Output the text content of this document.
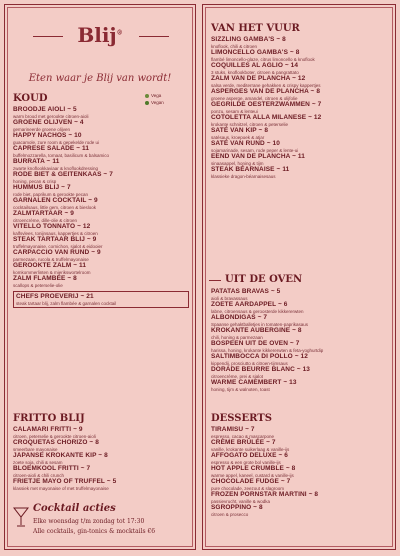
Blij®
Eten waar je Blij van wordt!
KOUD	Vega
Vegan
BROODJE AIOLI ~ 5
warm brood met gerookte citroen-aioli
GROENE OLIJVEN ~ 4
gemarineerde groene olijven
HAPPY NACHOS ~ 10
guacamole, zure room & gepekelde rode ui
CAPRESE SALADE ~ 11
buffelmozzarella, tomaat, basilicum & balsamico
BURRATA ~ 11
zwarte knoflookkaviaar & knoflookdressing
RODE BIET & GEITENKAAS ~ 7
honing, pecan & crisp
HUMMUS BLIJ ~ 7
rode biet, paprikum & gerookte pecan
GARNALEN COCKTAIL ~ 9
cocktailsaus, little gem, citroen & bieslook
ZALMTARTAAR ~ 9
citroencrème, dille-olie & citroen
VITELLO TONNATO ~ 12
kalfsvlees, tonijnsaus, kappertjes & citroen
STEAK TARTAAR BLIJ ~ 9
truffelmayonaise, cornichon, sjalot & eidooier
CARPACCIO VAN RUND ~ 9
parmezaan, rucola & truffelmayonaise
GEROOKTE ZALM ~ 11
komkommerlinten & mierikswortelroom
ZALM FLAMBÉE ~ 8
scallops & peterselie-olie
CHEFS PROEVERIJ ~ 21
steak tartaar blij, zalm flambée & garnalen cocktail
FRITTO BLIJ
CALAMARI FRITTI ~ 9
citroen, peterselie & gerookte citroen-aioli
CROQUETAS CHORIZO ~ 8
smeerbare mayonaise
JAPANSE KROKANTE KIP ~ 8
zoete soja, chili & sesam
BLOEMKOOL FRITTI ~ 7
citroen-aioli & chili crunch
FRIETJE MAYO OF TRUFFEL ~ 5
klassiek met mayonaise of met truffelmayonaise
Cocktail acties
Elke woensdag t/m zondag tot 17:30
Alle cocktails, gin-tonics & mocktails €6
VAN HET VUUR
SIZZLING GAMBA'S ~ 8
knoflook, chili & citroen
LIMONCELLO GAMBA'S ~ 8
flambé limoncello-glaze, citrus limoncello & knoflook
COQUILLES AL AGLIO ~ 14
3 stuks, knoflookboter, citroen & pangrattato
ZALM VAN DE PLANCHA ~ 12
salsa verde, mediterrane gehakken & crispy kappertjes
ASPERGES VAN DE PLANCHA ~ 8
groene asperge, amandel, citroen & olijfolie
GEGRILDE OESTERZWAMMEN ~ 7
ponzu, sesam & lenteui
COTOLETTA ALLA MILANESE ~ 12
krokante schnitzel, citroen & peterselie
SATÉ VAN KIP ~ 8
satésaus, kroepoek & atjar
SATÉ VAN RUND ~ 10
sojamarinade, sesam, rode peper & lente-ui
EEND VAN DE PLANCHA ~ 11
sinaasappel, honing & tijm
STEAK BÉARNAISE ~ 11
klassieke dragon-béarnaisesaus
UIT DE OVEN
PATATAS BRAVAS ~ 5
aioli & bravassaus
ZOETE AARDAPPEL ~ 6
labne, citroensaus & geroosterde kikkererwten
ALBONDIGAS ~ 7
Spaanse gehaktballetjes in tomaten-paprikasaus
KROKANTE AUBERGINE ~ 8
chili, honing & parmezaan
BOSPEEN UIT DE OVEN ~ 7
harissa, honing, krokante kikkererwten & feta-yoghurtdip
SALTIMBOCCA DI POLLO ~ 12
kippendij, prosciutto & citroen-tijmsaus
DORADE BEURRE BLANC ~ 13
citroencrème, prei & sjalot
WARME CAMEMBERT ~ 13
honing, tijm & walnoten, toast
DESSERTS
TIRAMISU ~ 7
espresso, cacao & mascarpone
CRÈME BRÛLÉE ~ 7
vanille, krokante suikerlaag & vanille-ijs
AFFOGATO DELUXE ~ 6
espresso & een grote bol vanille-ijs
HOT APPLE CRUMBLE ~ 8
warme appel, kaneel, custard & vanille-ijs
CHOCOLADE FUDGE ~ 7
pure chocolade, zeezout & slagroom
FROZEN PORNSTAR MARTINI ~ 8
passievrucht, vanille & wodka
SGROPPINO ~ 8
citroen & prosecco
